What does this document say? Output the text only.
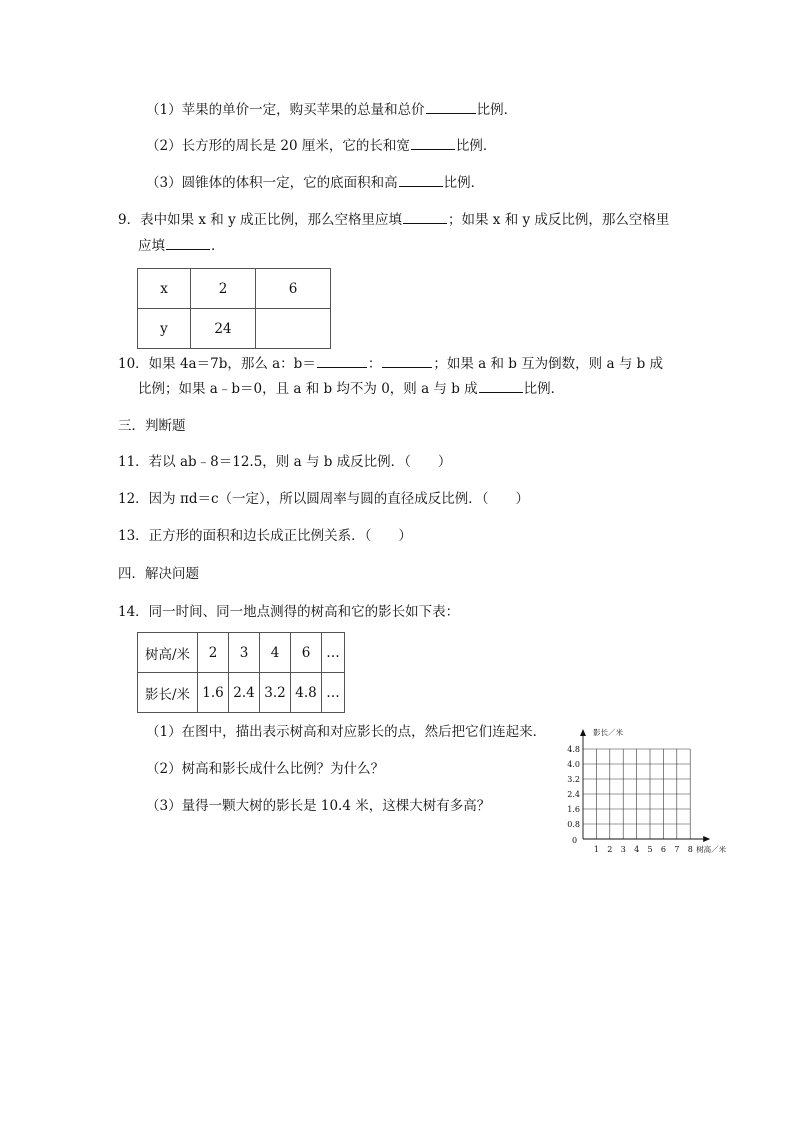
（1）苹果的单价一定，购买苹果的总量和总价	比例．
（2）长方形的周长是 20 厘米，它的长和宽	比例．
（3）圆锥体的体积一定，它的底面积和高	比例．
9．表中如果 x 和 y 成正比例，那么空格里应填	；如果 x 和 y 成反比例，那么空格里
应填	．
x	2	6
y	24	
10．如果 4a＝7b，那么 a：b＝	：	；如果 a 和 b 互为倒数，则 a 与 b 成
比例；如果 a﹣b＝0，且 a 和 b 均不为 0，则 a 与 b 成	比例．
三．判断题
11．若以 ab﹣8＝12.5，则 a 与 b 成反比例．（　　）
12．因为 πd＝c（一定），所以圆周率与圆的直径成反比例．（　　）
13．正方形的面积和边长成正比例关系．（　　）
四．解决问题
14．同一时间、同一地点测得的树高和它的影长如下表：
树高/米	2	3	4	6	…
影长/米	1.6	2.4	3.2	4.8	…
（1）在图中，描出表示树高和对应影长的点，然后把它们连起来．
（2）树高和影长成什么比例？为什么？
（3）量得一颗大树的影长是 10.4 米，这棵大树有多高？
1 2 3 4 5 6 7 8
0.8
1.6
2.4
3.2
4.0
4.8
0
影长／米
树高／米
